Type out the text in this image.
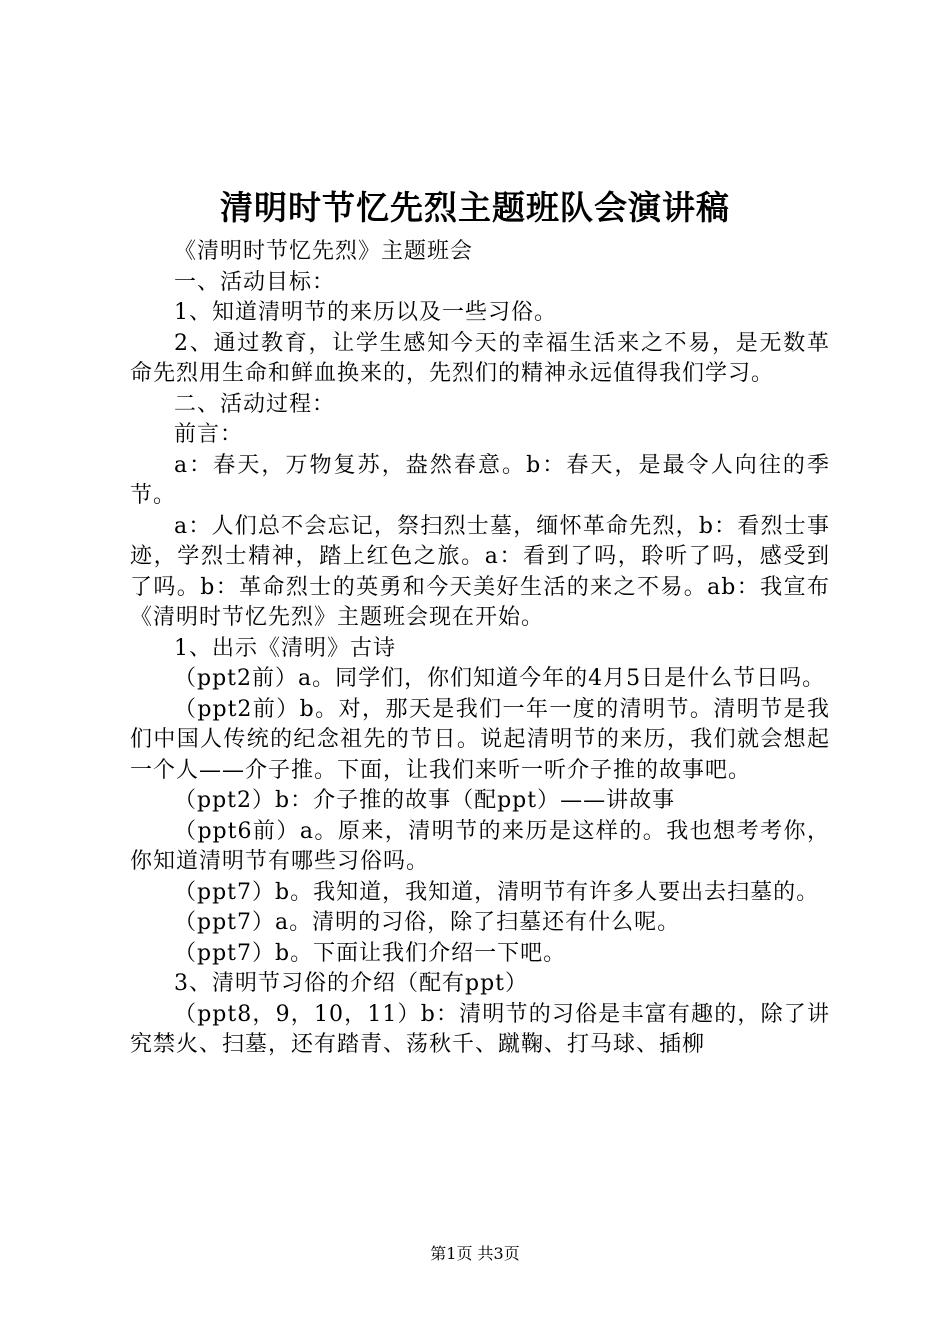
清明时节忆先烈主题班队会演讲稿

《清明时节忆先烈》主题班会

一、活动目标：

1、知道清明节的来历以及一些习俗。

2、通过教育，让学生感知今天的幸福生活来之不易，是无数革命先烈用生命和鲜血换来的，先烈们的精神永远值得我们学习。

二、活动过程：

前言：

a：春天，万物复苏，盎然春意。b：春天，是最令人向往的季节。

a：人们总不会忘记，祭扫烈士墓，缅怀革命先烈，b：看烈士事迹，学烈士精神，踏上红色之旅。a：看到了吗，聆听了吗，感受到了吗。b：革命烈士的英勇和今天美好生活的来之不易。ab：我宣布《清明时节忆先烈》主题班会现在开始。

1、出示《清明》古诗

（ppt2前）a。同学们，你们知道今年的4月5日是什么节日吗。

（ppt2前）b。对，那天是我们一年一度的清明节。清明节是我们中国人传统的纪念祖先的节日。说起清明节的来历，我们就会想起一个人——介子推。下面，让我们来听一听介子推的故事吧。

（ppt2）b：介子推的故事（配ppt）——讲故事

（ppt6前）a。原来，清明节的来历是这样的。我也想考考你，你知道清明节有哪些习俗吗。

（ppt7）b。我知道，我知道，清明节有许多人要出去扫墓的。

（ppt7）a。清明的习俗，除了扫墓还有什么呢。

（ppt7）b。下面让我们介绍一下吧。

3、清明节习俗的介绍（配有ppt）

（ppt8，9，10，11）b：清明节的习俗是丰富有趣的，除了讲究禁火、扫墓，还有踏青、荡秋千、蹴鞠、打马球、插柳

第1页 共3页
